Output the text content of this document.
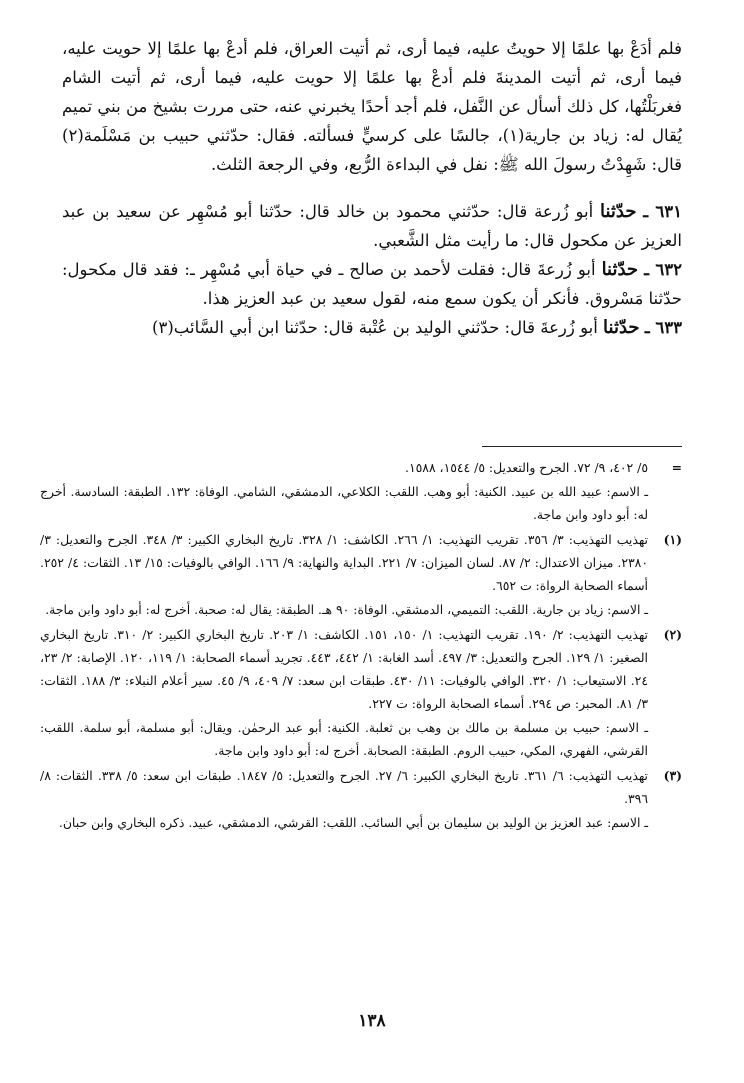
فلم أدَعْ بها علمًا إلا حويتُ عليه، فيما أرى، ثم أتيت العراق، فلم أدعْ بها علمًا إلا حويت عليه، فيما أرى، ثم أتيت المدينةَ فلم أدعْ بها علمًا إلا حويت عليه، فيما أرى، ثم أتيت الشام فغربَلْتُها، كل ذلك أسأل عن النَّفل، فلم أجد أحدًا يخبرني عنه، حتى مررت بشيخ من بني تميم يُقال له: زياد بن جارية(١)، جالسًا على كرسيٍّ فسألته. فقال: حدّثني حبيب بن مَسْلَمة(٢) قال: شَهِدْتُ رسولَ الله ﷺ: نفل في البداءة الرُّبع، وفي الرجعة الثلث.

٦٣١ ـ حدّثنا أبو زُرعة قال: حدّثني محمود بن خالد قال: حدّثنا أبو مُسْهِر عن سعيد بن عبد العزيز عن مكحول قال: ما رأيت مثل الشَّعبي.

٦٣٢ ـ حدّثنا أبو زُرعةَ قال: فقلت لأحمد بن صالح ـ في حياة أبي مُسْهِر ـ: فقد قال مكحول: حدّثنا مَسْروق. فأنكر أن يكون سمع منه، لقول سعيد بن عبد العزيز هذا.

٦٣٣ ـ حدّثنا أبو زُرعةَ قال: حدّثني الوليد بن عُتْبة قال: حدّثنا ابن أبي السَّائب(٣)

=

٥/ ٤٠٢، ٩/ ٧٢. الجرح والتعديل: ٥/ ١٥٤٤، ١٥٨٨.

ـ الاسم: عبيد الله بن عبيد. الكنية: أبو وهب. اللقب: الكلاعي، الدمشقي، الشامي. الوفاة: ١٣٢. الطبقة: السادسة. أخرج له: أبو داود وابن ماجة.

(١)

تهذيب التهذيب: ٣/ ٣٥٦. تقريب التهذيب: ١/ ٢٦٦. الكاشف: ١/ ٣٢٨. تاريخ البخاري الكبير: ٣/ ٣٤٨. الجرح والتعديل: ٣/ ٢٣٨٠. ميزان الاعتدال: ٢/ ٨٧. لسان الميزان: ٧/ ٢٢١. البداية والنهاية: ٩/ ١٦٦. الوافي بالوفيات: ١٥/ ١٣. الثقات: ٤/ ٢٥٢. أسماء الصحابة الرواة: ت ٦٥٢.

ـ الاسم: زياد بن جارية. اللقب: التميمي، الدمشقي. الوفاة: ٩٠ هـ. الطبقة: يقال له: صحبة. أخرج له: أبو داود وابن ماجة.

(٢)

تهذيب التهذيب: ٢/ ١٩٠. تقريب التهذيب: ١/ ١٥٠، ١٥١. الكاشف: ١/ ٢٠٣. تاريخ البخاري الكبير: ٢/ ٣١٠. تاريخ البخاري الصغير: ١/ ١٢٩. الجرح والتعديل: ٣/ ٤٩٧. أسد الغابة: ١/ ٤٤٢، ٤٤٣. تجريد أسماء الصحابة: ١/ ١١٩، ١٢٠. الإصابة: ٢/ ٢٣، ٢٤. الاستيعاب: ١/ ٣٢٠. الوافي بالوفيات: ١١/ ٤٣٠. طبقات ابن سعد: ٧/ ٤٠٩، ٩/ ٤٥. سير أعلام النبلاء: ٣/ ١٨٨. الثقات: ٣/ ٨١. المحبر: ص ٢٩٤. أسماء الصحابة الرواة: ت ٢٢٧.

ـ الاسم: حبيب بن مسلمة بن مالك بن وهب بن ثعلبة. الكنية: أبو عبد الرحمٰن. ويقال: أبو مسلمة، أبو سلمة. اللقب: القرشي، الفهري، المكي، حبيب الروم. الطبقة: الصحابة. أخرج له: أبو داود وابن ماجة.

(٣)

تهذيب التهذيب: ٦/ ٣٦١. تاريخ البخاري الكبير: ٦/ ٢٧. الجرح والتعديل: ٥/ ١٨٤٧. طبقات ابن سعد: ٥/ ٣٣٨. الثقات: ٨/ ٣٩٦.

ـ الاسم: عبد العزيز بن الوليد بن سليمان بن أبي السائب. اللقب: القرشي، الدمشقي، عبيد. ذكره البخاري وابن حبان.

١٣٨
